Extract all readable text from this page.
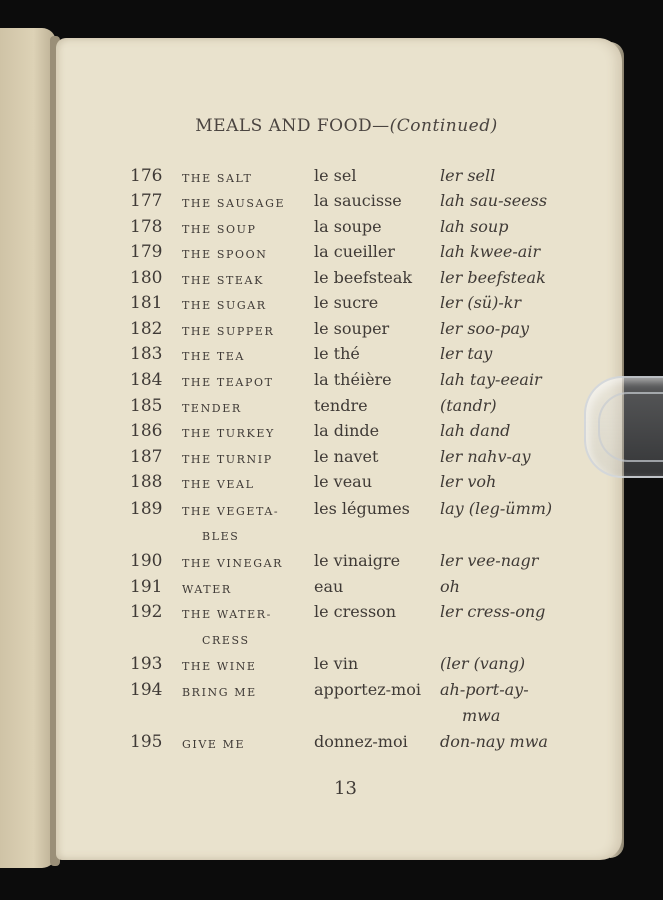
MEALS AND FOOD—(Continued)
176	THE SALT	le sel	ler sell
177	THE SAUSAGE	la saucisse	lah sau-seess
178	THE SOUP	la soupe	lah soup
179	THE SPOON	la cueiller	lah kwee-air
180	THE STEAK	le beefsteak	ler beefsteak
181	THE SUGAR	le sucre	ler (sü)-kr
182	THE SUPPER	le souper	ler soo-pay
183	THE TEA	le thé	ler tay
184	THE TEAPOT	la théière	lah tay-eeair
185	TENDER	tendre	(tandr)
186	THE TURKEY	la dinde	lah dand
187	THE TURNIP	le navet	ler nahv-ay
188	THE VEAL	le veau	ler voh
189	THE VEGETA-	les légumes	lay (leg-ümm)
BLES
190	THE VINEGAR	le vinaigre	ler vee-nagr
191	WATER	eau	oh
192	THE WATER-	le cresson	ler cress-ong
CRESS
193	THE WINE	le vin	(ler (vang)
194	BRING ME	apportez-moi	ah-port-ay-
mwa
195	GIVE ME	donnez-moi	don-nay mwa
13
